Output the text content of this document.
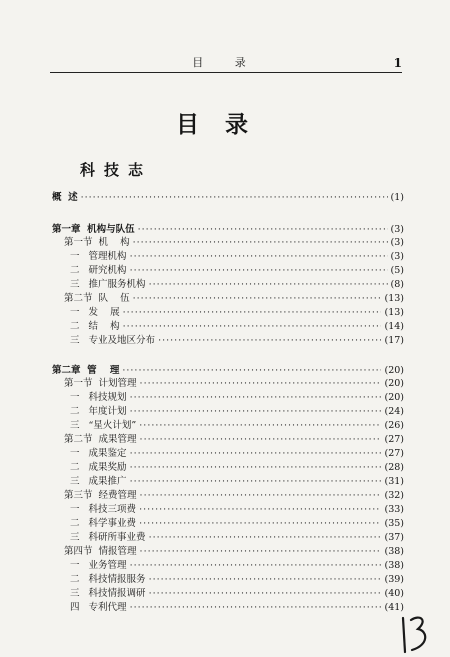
目 录	1
目录
科技志
概  述 ·····	(1)
第一章  机构与队伍 ·····	(3)
第一节  机    构 ·····	(3)
一   管理机构 ·····	(3)
二   研究机构 ·····	(5)
三   推广服务机构 ·····	(8)
第二节  队    伍 ·····	(13)
一   发    展 ·····	(13)
二   结    构 ·····	(14)
三   专业及地区分布 ·····	(17)
第二章  管    理 ·····	(20)
第一节  计划管理 ·····	(20)
一   科技规划 ·····	(20)
二   年度计划 ·····	(24)
三   “星火计划” ·····	(26)
第二节  成果管理 ·····	(27)
一   成果鉴定 ·····	(27)
二   成果奖励 ·····	(28)
三   成果推广 ·····	(31)
第三节  经费管理 ·····	(32)
一   科技三项费 ·····	(33)
二   科学事业费 ·····	(35)
三   科研所事业费 ·····	(37)
第四节  情报管理 ·····	(38)
一   业务管理 ·····	(38)
二   科技情报服务 ·····	(39)
三   科技情报调研 ·····	(40)
四   专利代理 ·····	(41)
